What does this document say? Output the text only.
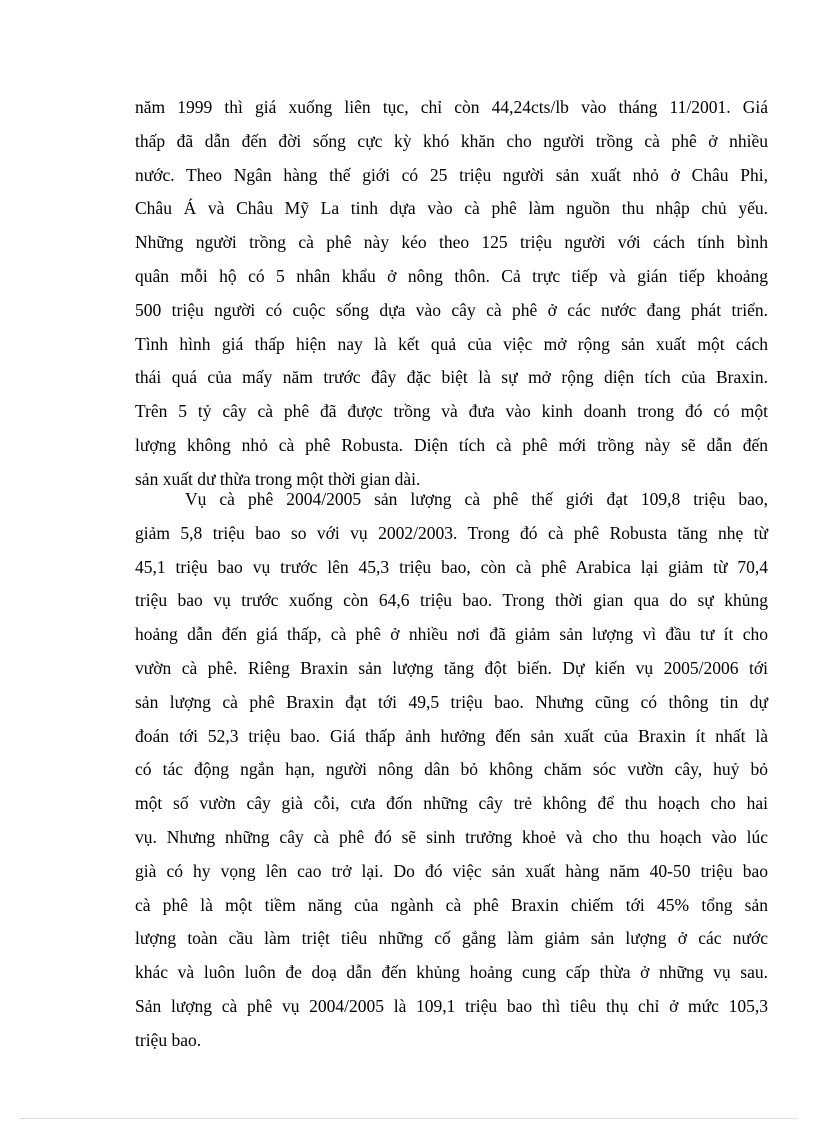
năm 1999 thì giá xuống liên tục, chỉ còn 44,24cts/lb vào tháng 11/2001. Giá
thấp đã dẫn đến đời sống cực kỳ khó khăn cho người trồng cà phê ở nhiều
nước. Theo Ngân hàng thế giới có 25 triệu người sản xuất nhỏ ở Châu Phi,
Châu Á và Châu Mỹ La tinh dựa vào cà phê làm nguồn thu nhập chủ yếu.
Những người trồng cà phê này kéo theo 125 triệu người với cách tính bình
quân mỗi hộ có 5 nhân khẩu ở nông thôn. Cả trực tiếp và gián tiếp khoảng
500 triệu người có cuộc sống dựa vào cây cà phê ở các nước đang phát triển.
Tình hình giá thấp hiện nay là kết quả của việc mở rộng sản xuất một cách
thái quá của mấy năm trước đây đặc biệt là sự mở rộng diện tích của Braxin.
Trên 5 tỷ cây cà phê đã được trồng và đưa vào kinh doanh trong đó có một
lượng không nhỏ cà phê Robusta. Diện tích cà phê mới trồng này sẽ dẫn đến
sản xuất dư thừa trong một thời gian dài.
Vụ cà phê 2004/2005 sản lượng cà phê thế giới đạt 109,8 triệu bao,
giảm 5,8 triệu bao so với vụ 2002/2003. Trong đó cà phê Robusta tăng nhẹ từ
45,1 triệu bao vụ trước lên 45,3 triệu bao, còn cà phê Arabica lại giảm từ 70,4
triệu bao vụ trước xuống còn 64,6 triệu bao. Trong thời gian qua do sự khủng
hoảng dẫn đến giá thấp, cà phê ở nhiều nơi đã giảm sản lượng vì đầu tư ít cho
vườn cà phê. Riêng Braxin sản lượng tăng đột biến. Dự kiến vụ 2005/2006 tới
sản lượng cà phê Braxin đạt tới 49,5 triệu bao. Nhưng cũng có thông tin dự
đoán tới 52,3 triệu bao. Giá thấp ảnh hưởng đến sản xuất của Braxin ít nhất là
có tác động ngắn hạn, người nông dân bỏ không chăm sóc vườn cây, huỷ bỏ
một số vườn cây già cỗi, cưa đốn những cây trẻ không để thu hoạch cho hai
vụ. Nhưng những cây cà phê đó sẽ sinh trưởng khoẻ và cho thu hoạch vào lúc
già có hy vọng lên cao trở lại. Do đó việc sản xuất hàng năm 40-50 triệu bao
cà phê là một tiềm năng của ngành cà phê Braxin chiếm tới 45% tổng sản
lượng toàn cầu làm triệt tiêu những cố gắng làm giảm sản lượng ở các nước
khác và luôn luôn đe doạ dẫn đến khủng hoảng cung cấp thừa ở những vụ sau.
Sản lượng cà phê vụ 2004/2005 là 109,1 triệu bao thì tiêu thụ chỉ ở mức 105,3
triệu bao.
